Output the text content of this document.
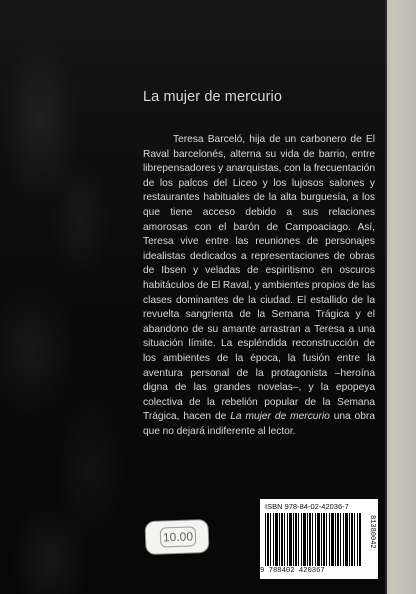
La mujer de mercurio

Teresa Barceló, hija de un carbonero de El Raval barcelonés, alterna su vida de barrio, entre librepensadores y anarquistas, con la frecuentación de los palcos del Liceo y los lujosos salones y restaurantes habituales de la alta burguesía, a los que tiene acceso debido a sus relaciones amorosas con el barón de Campoaciago. Así, Teresa vive entre las reuniones de personajes idealistas dedicados a representaciones de obras de Ibsen y veladas de espiritismo en oscuros habitáculos de El Raval, y ambientes propios de las clases dominantes de la ciudad. El estallido de la revuelta sangrienta de la Semana Trágica y el abandono de su amante arrastran a Teresa a una situación límite. La espléndida reconstrucción de los ambientes de la época, la fusión entre la aventura personal de la protagonista –heroína digna de las grandes novelas–, y la epopeya colectiva de la rebelión popular de la Semana Trágica, hacen de La mujer de mercurio una obra que no dejará indiferente al lector.

10.00

ISBN 978-84-02-42036-7

9 788402 420367

81380042
